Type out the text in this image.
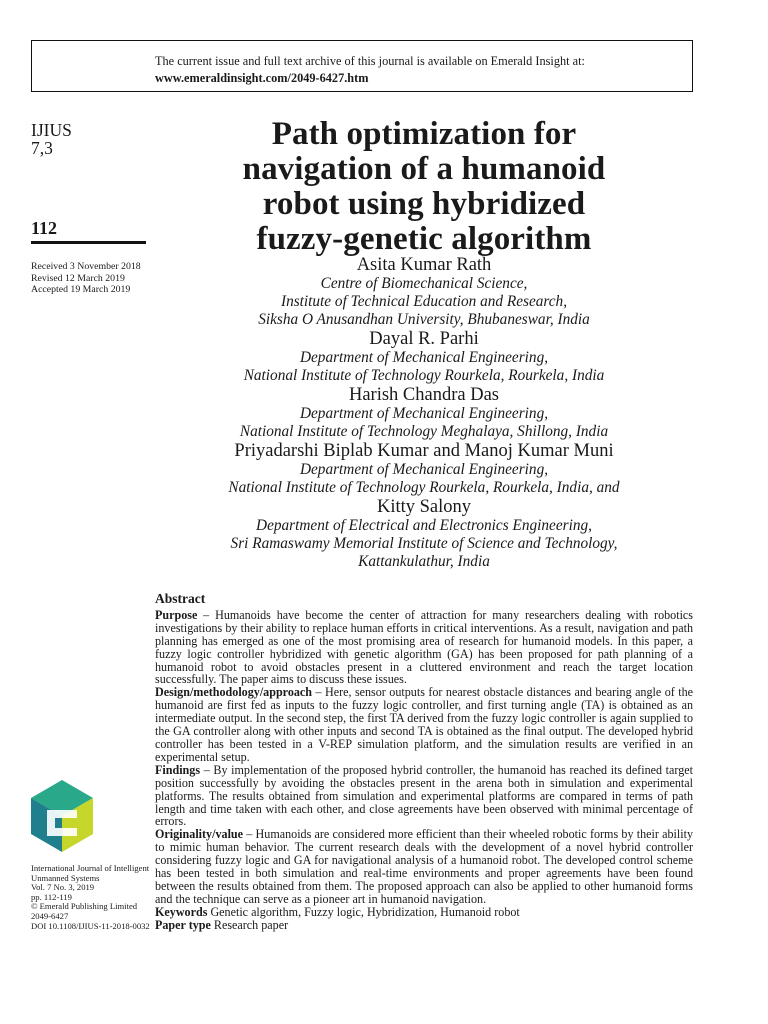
The current issue and full text archive of this journal is available on Emerald Insight at:
www.emeraldinsight.com/2049-6427.htm
IJIUS
7,3
112
Received 3 November 2018
Revised 12 March 2019
Accepted 19 March 2019
International Journal of Intelligent
Unmanned Systems
Vol. 7 No. 3, 2019
pp. 112-119
© Emerald Publishing Limited
2049-6427
DOI 10.1108/IJIUS-11-2018-0032
Path optimization for
navigation of a humanoid
robot using hybridized
fuzzy-genetic algorithm
Asita Kumar Rath
Centre of Biomechanical Science,
Institute of Technical Education and Research,
Siksha O Anusandhan University, Bhubaneswar, India
Dayal R. Parhi
Department of Mechanical Engineering,
National Institute of Technology Rourkela, Rourkela, India
Harish Chandra Das
Department of Mechanical Engineering,
National Institute of Technology Meghalaya, Shillong, India
Priyadarshi Biplab Kumar and Manoj Kumar Muni
Department of Mechanical Engineering,
National Institute of Technology Rourkela, Rourkela, India, and
Kitty Salony
Department of Electrical and Electronics Engineering,
Sri Ramaswamy Memorial Institute of Science and Technology,
Kattankulathur, India
Abstract

Purpose – Humanoids have become the center of attraction for many researchers dealing with robotics investigations by their ability to replace human efforts in critical interventions. As a result, navigation and path planning has emerged as one of the most promising area of research for humanoid models. In this paper, a fuzzy logic controller hybridized with genetic algorithm (GA) has been proposed for path planning of a humanoid robot to avoid obstacles present in a cluttered environment and reach the target location successfully. The paper aims to discuss these issues.

Design/methodology/approach – Here, sensor outputs for nearest obstacle distances and bearing angle of the humanoid are first fed as inputs to the fuzzy logic controller, and first turning angle (TA) is obtained as an intermediate output. In the second step, the first TA derived from the fuzzy logic controller is again supplied to the GA controller along with other inputs and second TA is obtained as the final output. The developed hybrid controller has been tested in a V-REP simulation platform, and the simulation results are verified in an experimental setup.

Findings – By implementation of the proposed hybrid controller, the humanoid has reached its defined target position successfully by avoiding the obstacles present in the arena both in simulation and experimental platforms. The results obtained from simulation and experimental platforms are compared in terms of path length and time taken with each other, and close agreements have been observed with minimal percentage of errors.

Originality/value – Humanoids are considered more efficient than their wheeled robotic forms by their ability to mimic human behavior. The current research deals with the development of a novel hybrid controller considering fuzzy logic and GA for navigational analysis of a humanoid robot. The developed control scheme has been tested in both simulation and real-time environments and proper agreements have been found between the results obtained from them. The proposed approach can also be applied to other humanoid forms and the technique can serve as a pioneer art in humanoid navigation.

Keywords Genetic algorithm, Fuzzy logic, Hybridization, Humanoid robot

Paper type Research paper
